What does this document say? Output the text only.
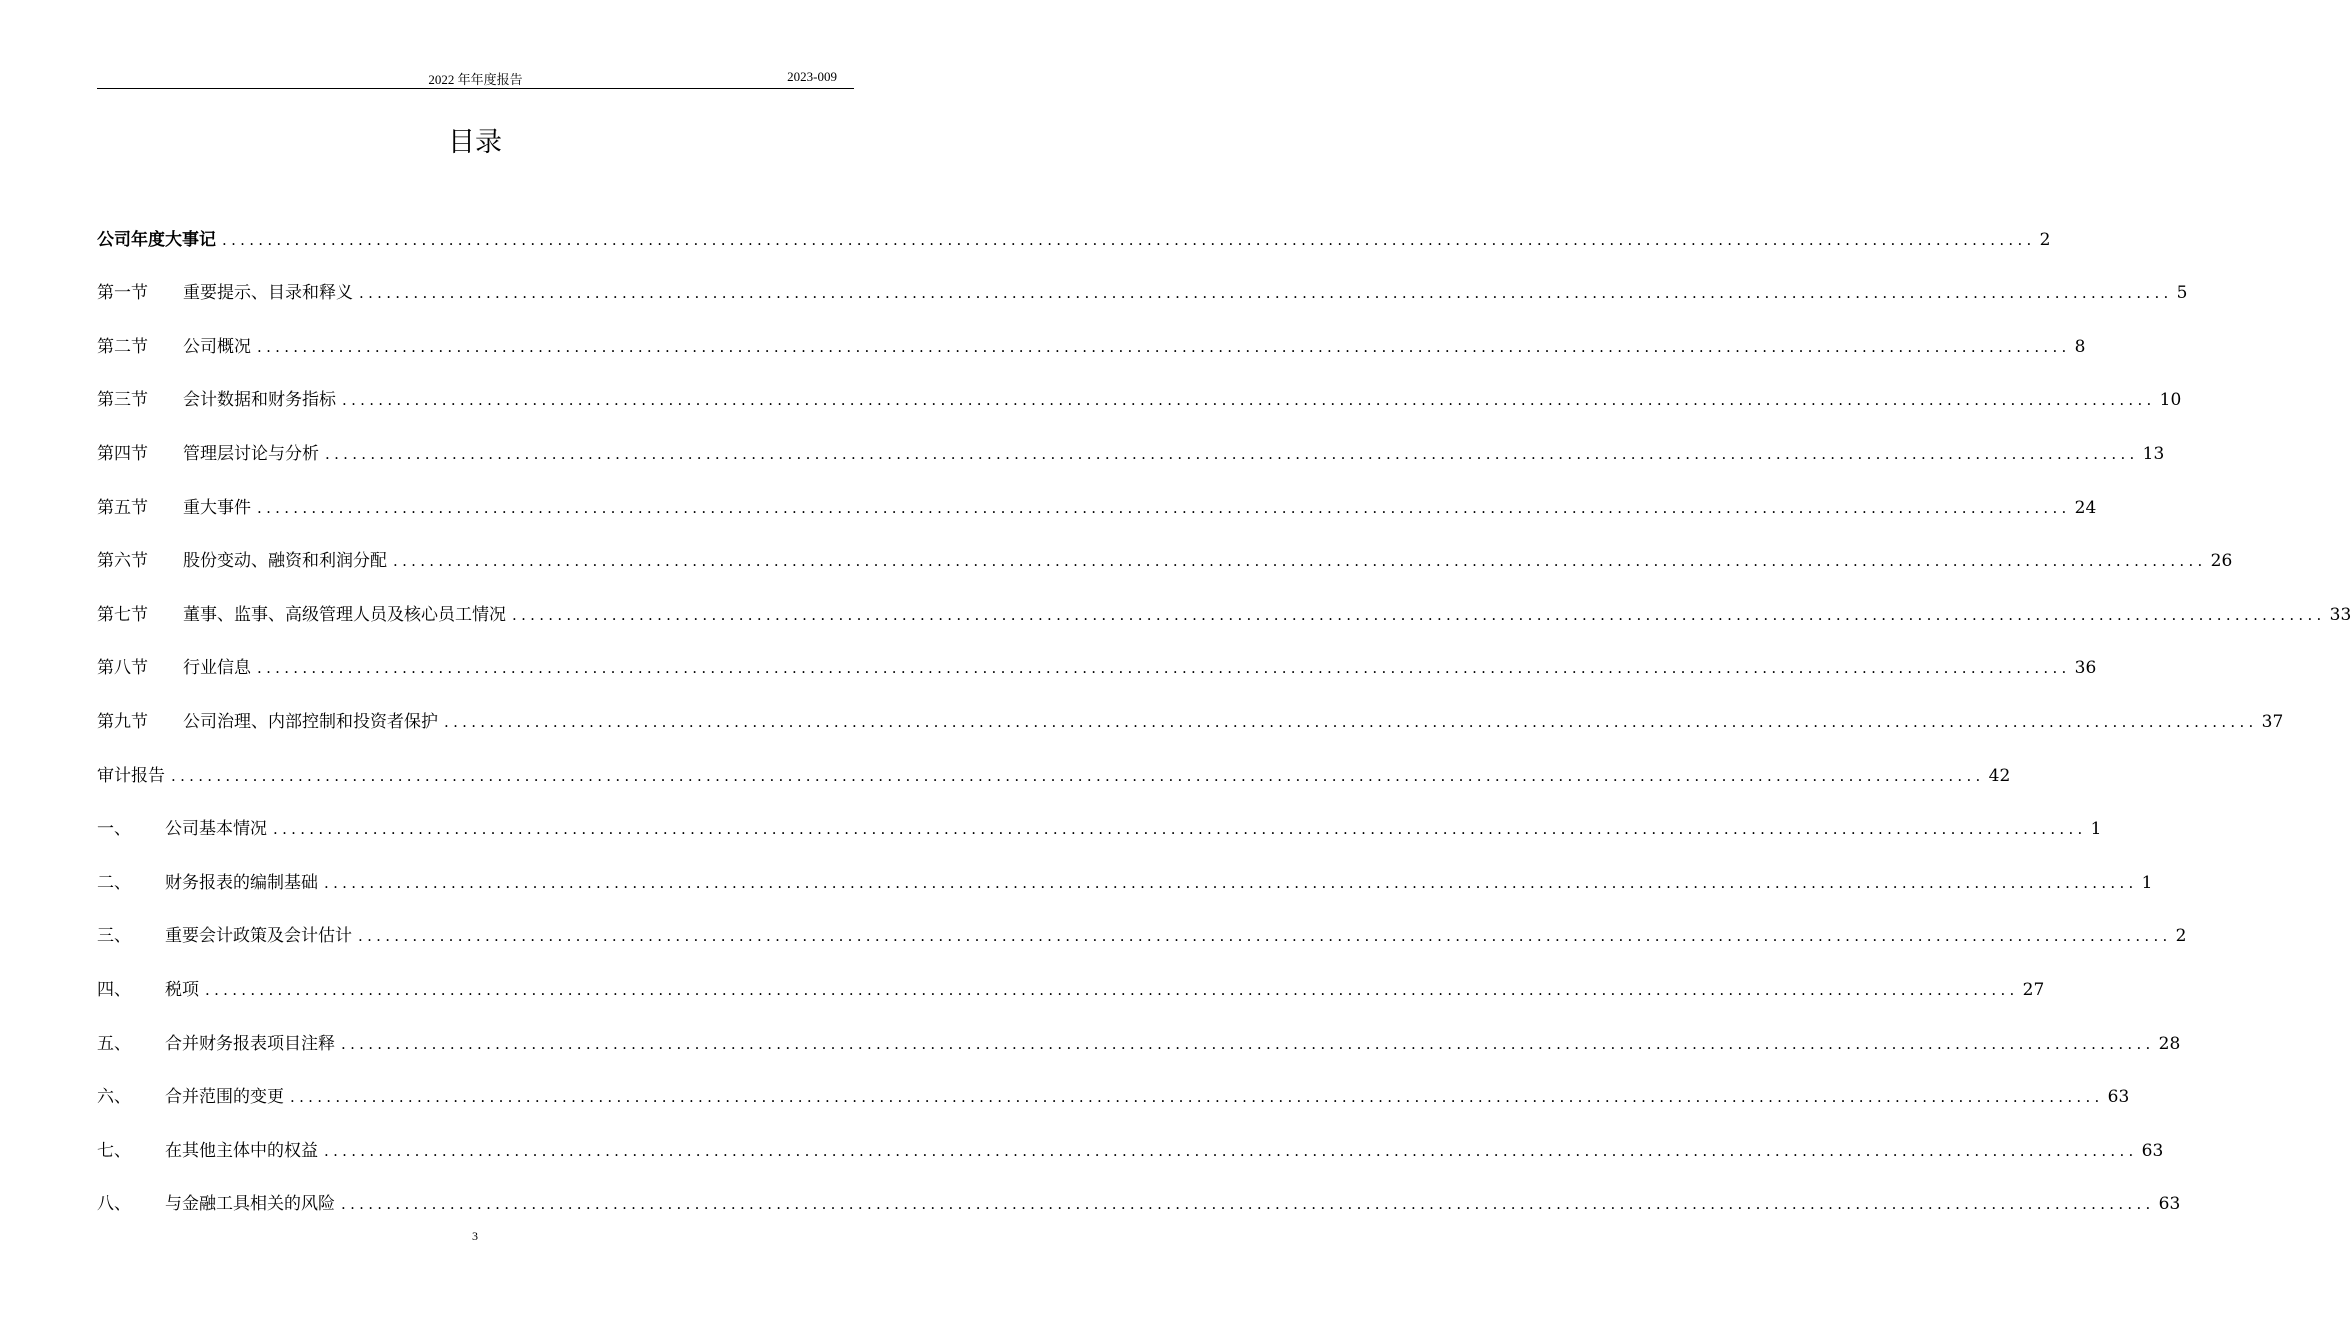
2022 年年度报告	2023-009
目录
公司年度大事记 ........................................................................................................................................................................................................ 2
第一节	重要提示、目录和释义 ........................................................................................................................................................................................................ 5
第二节	公司概况 ........................................................................................................................................................................................................ 8
第三节	会计数据和财务指标 ........................................................................................................................................................................................................ 10
第四节	管理层讨论与分析 ........................................................................................................................................................................................................ 13
第五节	重大事件 ........................................................................................................................................................................................................ 24
第六节	股份变动、融资和利润分配 ........................................................................................................................................................................................................ 26
第七节	董事、监事、高级管理人员及核心员工情况 ........................................................................................................................................................................................................ 33
第八节	行业信息 ........................................................................................................................................................................................................ 36
第九节	公司治理、内部控制和投资者保护 ........................................................................................................................................................................................................ 37
审计报告 ........................................................................................................................................................................................................ 42
一、	公司基本情况 ........................................................................................................................................................................................................ 1
二、	财务报表的编制基础 ........................................................................................................................................................................................................ 1
三、	重要会计政策及会计估计 ........................................................................................................................................................................................................ 2
四、	税项 ........................................................................................................................................................................................................ 27
五、	合并财务报表项目注释 ........................................................................................................................................................................................................ 28
六、	合并范围的变更 ........................................................................................................................................................................................................ 63
七、	在其他主体中的权益 ........................................................................................................................................................................................................ 63
八、	与金融工具相关的风险 ........................................................................................................................................................................................................ 63
3
